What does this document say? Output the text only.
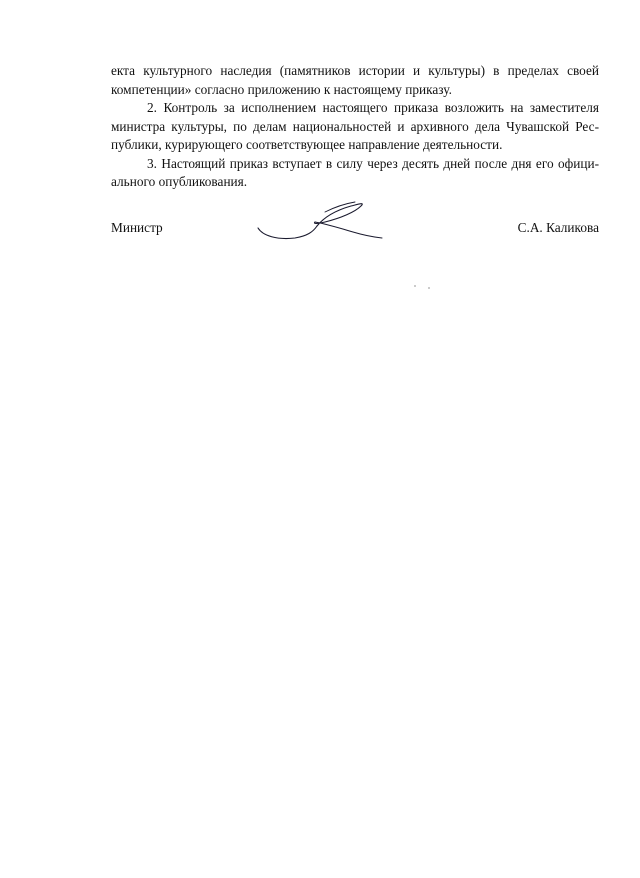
екта культурного наследия (памятников истории и культуры) в пределах своей
компетенции» согласно приложению к настоящему приказу.
2. Контроль за исполнением настоящего приказа возложить на заместителя
министра культуры, по делам национальностей и архивного дела Чувашской Рес-
публики, курирующего соответствующее направление деятельности.
3. Настоящий приказ вступает в силу через десять дней после дня его офици-
ального опубликования.
Министр	С.А. Каликова
